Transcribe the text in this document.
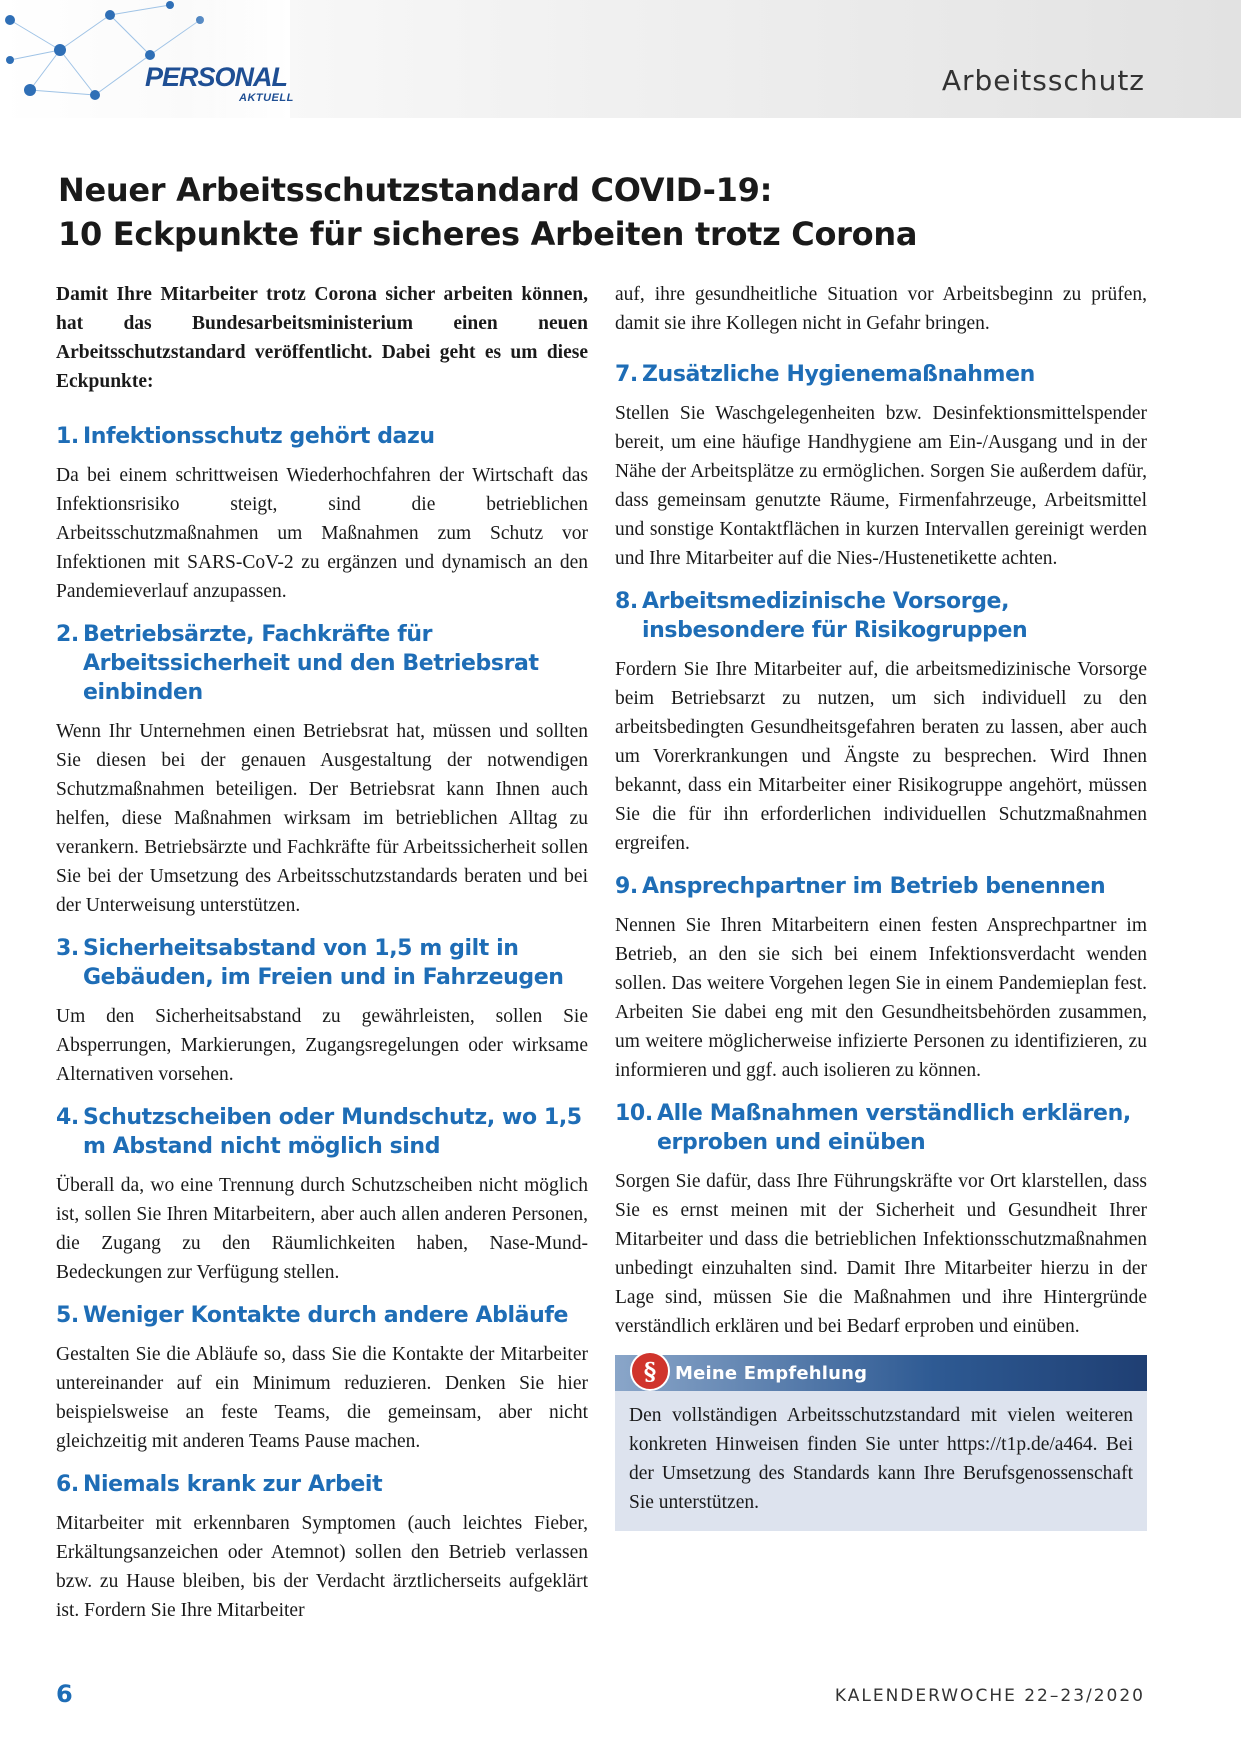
PERSONAL
AKTUELL
Arbeitsschutz
Neuer Arbeitsschutzstandard COVID-19:
10 Eckpunkte für sicheres Arbeiten trotz Corona

Damit Ihre Mitarbeiter trotz Corona sicher arbeiten können, hat das Bundesarbeitsministerium einen neuen Arbeitsschutzstandard veröffentlicht. Dabei geht es um diese Eckpunkte:

1. Infektionsschutz gehört dazu

Da bei einem schrittweisen Wiederhochfahren der Wirtschaft das Infektionsrisiko steigt, sind die betrieblichen Arbeitsschutzmaßnahmen um Maßnahmen zum Schutz vor Infektionen mit SARS-CoV-2 zu ergänzen und dynamisch an den Pandemieverlauf anzupassen.

2. Betriebsärzte, Fachkräfte für Arbeitssicherheit und den Betriebsrat einbinden

Wenn Ihr Unternehmen einen Betriebsrat hat, müssen und sollten Sie diesen bei der genauen Ausgestaltung der notwendigen Schutzmaßnahmen beteiligen. Der Betriebsrat kann Ihnen auch helfen, diese Maßnahmen wirksam im betrieblichen Alltag zu verankern. Betriebsärzte und Fachkräfte für Arbeitssicherheit sollen Sie bei der Umsetzung des Arbeitsschutzstandards beraten und bei der Unterweisung unterstützen.

3. Sicherheitsabstand von 1,5 m gilt in Gebäuden, im Freien und in Fahrzeugen

Um den Sicherheitsabstand zu gewährleisten, sollen Sie Absperrungen, Markierungen, Zugangsregelungen oder wirksame Alternativen vorsehen.

4. Schutzscheiben oder Mundschutz, wo 1,5 m Abstand nicht möglich sind

Überall da, wo eine Trennung durch Schutzscheiben nicht möglich ist, sollen Sie Ihren Mitarbeitern, aber auch allen anderen Personen, die Zugang zu den Räumlichkeiten haben, Nase-Mund-Bedeckungen zur Verfügung stellen.

5. Weniger Kontakte durch andere Abläufe

Gestalten Sie die Abläufe so, dass Sie die Kontakte der Mitarbeiter untereinander auf ein Minimum reduzieren. Denken Sie hier beispielsweise an feste Teams, die gemeinsam, aber nicht gleichzeitig mit anderen Teams Pause machen.

6. Niemals krank zur Arbeit

Mitarbeiter mit erkennbaren Symptomen (auch leichtes Fieber, Erkältungsanzeichen oder Atemnot) sollen den Betrieb verlassen bzw. zu Hause bleiben, bis der Verdacht ärztlicherseits aufgeklärt ist. Fordern Sie Ihre Mitarbeiter

auf, ihre gesundheitliche Situation vor Arbeitsbeginn zu prüfen, damit sie ihre Kollegen nicht in Gefahr bringen.

7. Zusätzliche Hygienemaßnahmen

Stellen Sie Waschgelegenheiten bzw. Desinfektionsmittelspender bereit, um eine häufige Handhygiene am Ein-/Ausgang und in der Nähe der Arbeitsplätze zu ermöglichen. Sorgen Sie außerdem dafür, dass gemeinsam genutzte Räume, Firmenfahrzeuge, Arbeitsmittel und sonstige Kontaktflächen in kurzen Intervallen gereinigt werden und Ihre Mitarbeiter auf die Nies-/Hustenetikette achten.

8. Arbeitsmedizinische Vorsorge, insbesondere für Risikogruppen

Fordern Sie Ihre Mitarbeiter auf, die arbeitsmedizinische Vorsorge beim Betriebsarzt zu nutzen, um sich individuell zu den arbeitsbedingten Gesundheitsgefahren beraten zu lassen, aber auch um Vorerkrankungen und Ängste zu besprechen. Wird Ihnen bekannt, dass ein Mitarbeiter einer Risikogruppe angehört, müssen Sie die für ihn erforderlichen individuellen Schutzmaßnahmen ergreifen.

9. Ansprechpartner im Betrieb benennen

Nennen Sie Ihren Mitarbeitern einen festen Ansprechpartner im Betrieb, an den sie sich bei einem Infektionsverdacht wenden sollen. Das weitere Vorgehen legen Sie in einem Pandemieplan fest. Arbeiten Sie dabei eng mit den Gesundheitsbehörden zusammen, um weitere möglicherweise infizierte Personen zu identifizieren, zu informieren und ggf. auch isolieren zu können.

10. Alle Maßnahmen verständlich erklären, erproben und einüben

Sorgen Sie dafür, dass Ihre Führungskräfte vor Ort klarstellen, dass Sie es ernst meinen mit der Sicherheit und Gesundheit Ihrer Mitarbeiter und dass die betrieblichen Infektionsschutzmaßnahmen unbedingt einzuhalten sind. Damit Ihre Mitarbeiter hierzu in der Lage sind, müssen Sie die Maßnahmen und ihre Hintergründe verständlich erklären und bei Bedarf erproben und einüben.

§	Meine Empfehlung

Den vollständigen Arbeitsschutzstandard mit vielen weiteren konkreten Hinweisen finden Sie unter https://t1p.de/a464. Bei der Umsetzung des Standards kann Ihre Berufsgenossenschaft Sie unterstützen.

6	KALENDERWOCHE 22–23/2020
